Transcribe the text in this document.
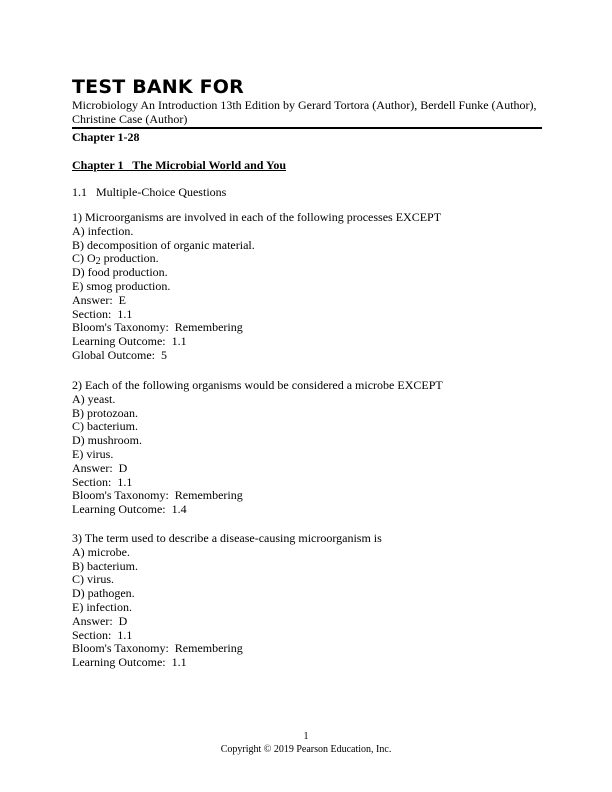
TEST BANK FOR
Microbiology An Introduction 13th Edition by Gerard Tortora (Author), Berdell Funke (Author), Christine Case (Author)
Chapter 1-28
Chapter 1   The Microbial World and You
1.1   Multiple-Choice Questions
1) Microorganisms are involved in each of the following processes EXCEPT
A) infection.
B) decomposition of organic material.
C) $O_2$ production.
D) food production.
E) smog production.
Answer:  E
Section:  1.1
Bloom's Taxonomy:  Remembering
Learning Outcome:  1.1
Global Outcome:  5
2) Each of the following organisms would be considered a microbe EXCEPT
A) yeast.
B) protozoan.
C) bacterium.
D) mushroom.
E) virus.
Answer:  D
Section:  1.1
Bloom's Taxonomy:  Remembering
Learning Outcome:  1.4
3) The term used to describe a disease-causing microorganism is
A) microbe.
B) bacterium.
C) virus.
D) pathogen.
E) infection.
Answer:  D
Section:  1.1
Bloom's Taxonomy:  Remembering
Learning Outcome:  1.1
1
Copyright © 2019 Pearson Education, Inc.
